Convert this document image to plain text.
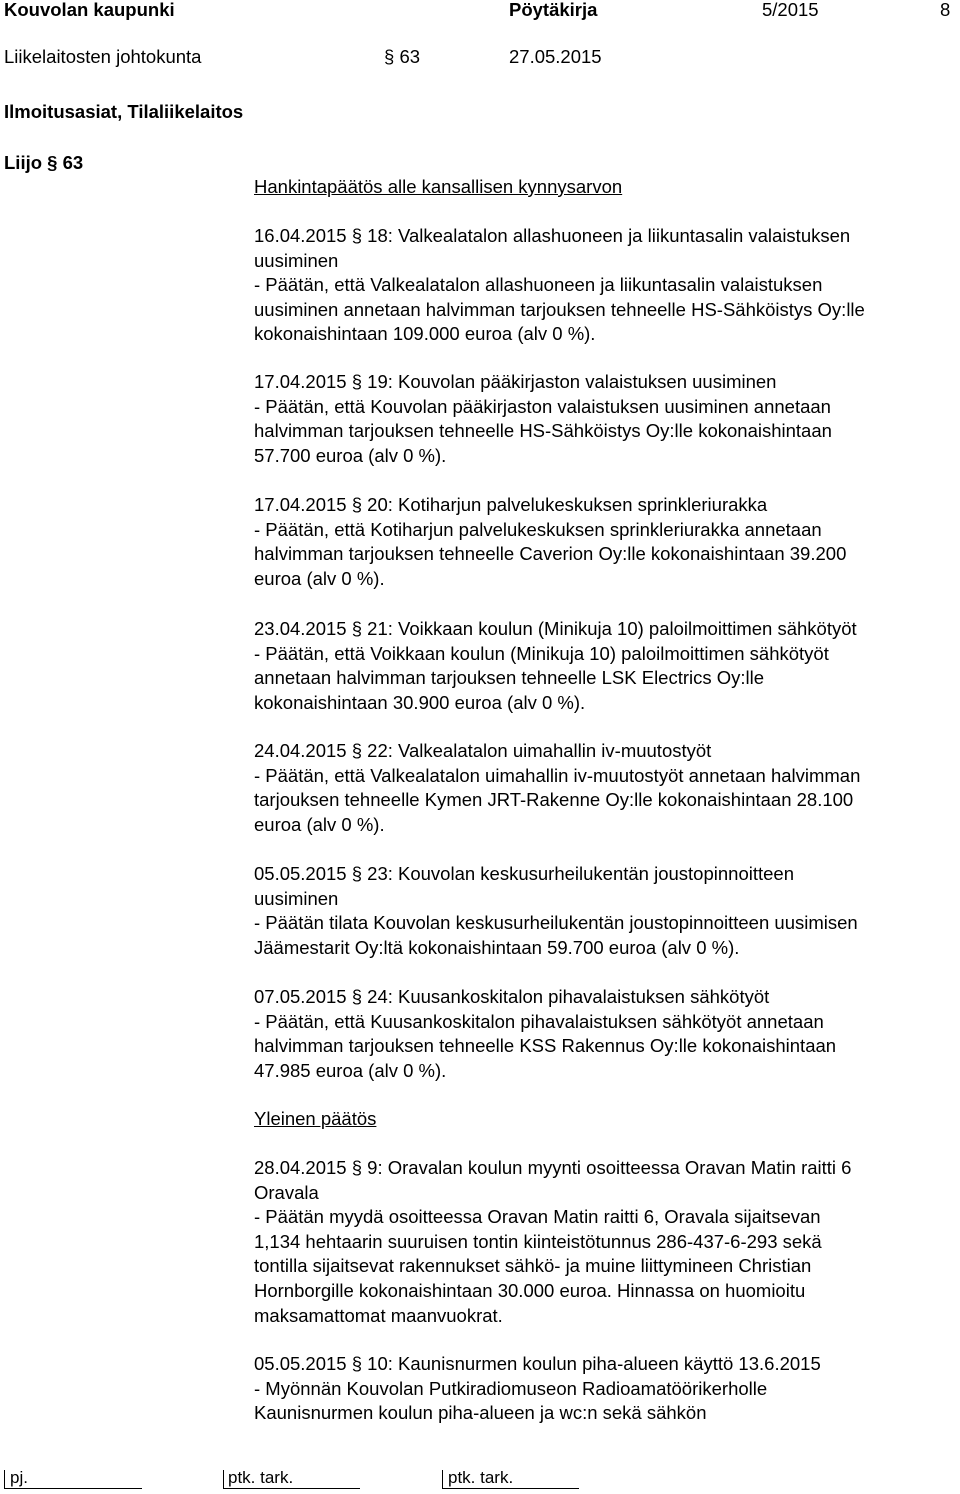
Kouvolan kaupunki	Pöytäkirja	5/2015	8
Liikelaitosten johtokunta	§ 63	27.05.2015
Ilmoitusasiat, Tilaliikelaitos
Liijo § 63
Hankintapäätös alle kansallisen kynnysarvon
16.04.2015 § 18: Valkealatalon allashuoneen ja liikuntasalin valaistuksen
uusiminen
- Päätän, että Valkealatalon allashuoneen ja liikuntasalin valaistuksen
uusiminen annetaan halvimman tarjouksen tehneelle HS-Sähköistys Oy:lle
kokonaishintaan 109.000 euroa (alv 0 %).
17.04.2015 § 19: Kouvolan pääkirjaston valaistuksen uusiminen
- Päätän, että Kouvolan pääkirjaston valaistuksen uusiminen annetaan
halvimman tarjouksen tehneelle HS-Sähköistys Oy:lle kokonaishintaan
57.700 euroa (alv 0 %).
17.04.2015 § 20: Kotiharjun palvelukeskuksen sprinkleriurakka
- Päätän, että Kotiharjun palvelukeskuksen sprinkleriurakka annetaan
halvimman tarjouksen tehneelle Caverion Oy:lle kokonaishintaan 39.200
euroa (alv 0 %).
23.04.2015 § 21: Voikkaan koulun (Minikuja 10) paloilmoittimen sähkötyöt
- Päätän, että Voikkaan koulun (Minikuja 10) paloilmoittimen sähkötyöt
annetaan halvimman tarjouksen tehneelle LSK Electrics Oy:lle
kokonaishintaan 30.900 euroa (alv 0 %).
24.04.2015 § 22: Valkealatalon uimahallin iv-muutostyöt
- Päätän, että Valkealatalon uimahallin iv-muutostyöt annetaan halvimman
tarjouksen tehneelle Kymen JRT-Rakenne Oy:lle kokonaishintaan 28.100
euroa (alv 0 %).
05.05.2015 § 23: Kouvolan keskusurheilukentän joustopinnoitteen
uusiminen
- Päätän tilata Kouvolan keskusurheilukentän joustopinnoitteen uusimisen
Jäämestarit Oy:ltä kokonaishintaan 59.700 euroa (alv 0 %).
07.05.2015 § 24: Kuusankoskitalon pihavalaistuksen sähkötyöt
- Päätän, että Kuusankoskitalon pihavalaistuksen sähkötyöt annetaan
halvimman tarjouksen tehneelle KSS Rakennus Oy:lle kokonaishintaan
47.985 euroa (alv 0 %).
Yleinen päätös
28.04.2015 § 9: Oravalan koulun myynti osoitteessa Oravan Matin raitti 6
Oravala
- Päätän myydä osoitteessa Oravan Matin raitti 6, Oravala sijaitsevan
1,134 hehtaarin suuruisen tontin kiinteistötunnus 286-437-6-293 sekä
tontilla sijaitsevat rakennukset sähkö- ja muine liittymineen Christian
Hornborgille kokonaishintaan 30.000 euroa. Hinnassa on huomioitu
maksamattomat maanvuokrat.
05.05.2015 § 10: Kaunisnurmen koulun piha-alueen käyttö 13.6.2015
- Myönnän Kouvolan Putkiradiomuseon Radioamatöörikerholle
Kaunisnurmen koulun piha-alueen ja wc:n sekä sähkön
pj.	ptk. tark.	ptk. tark.
